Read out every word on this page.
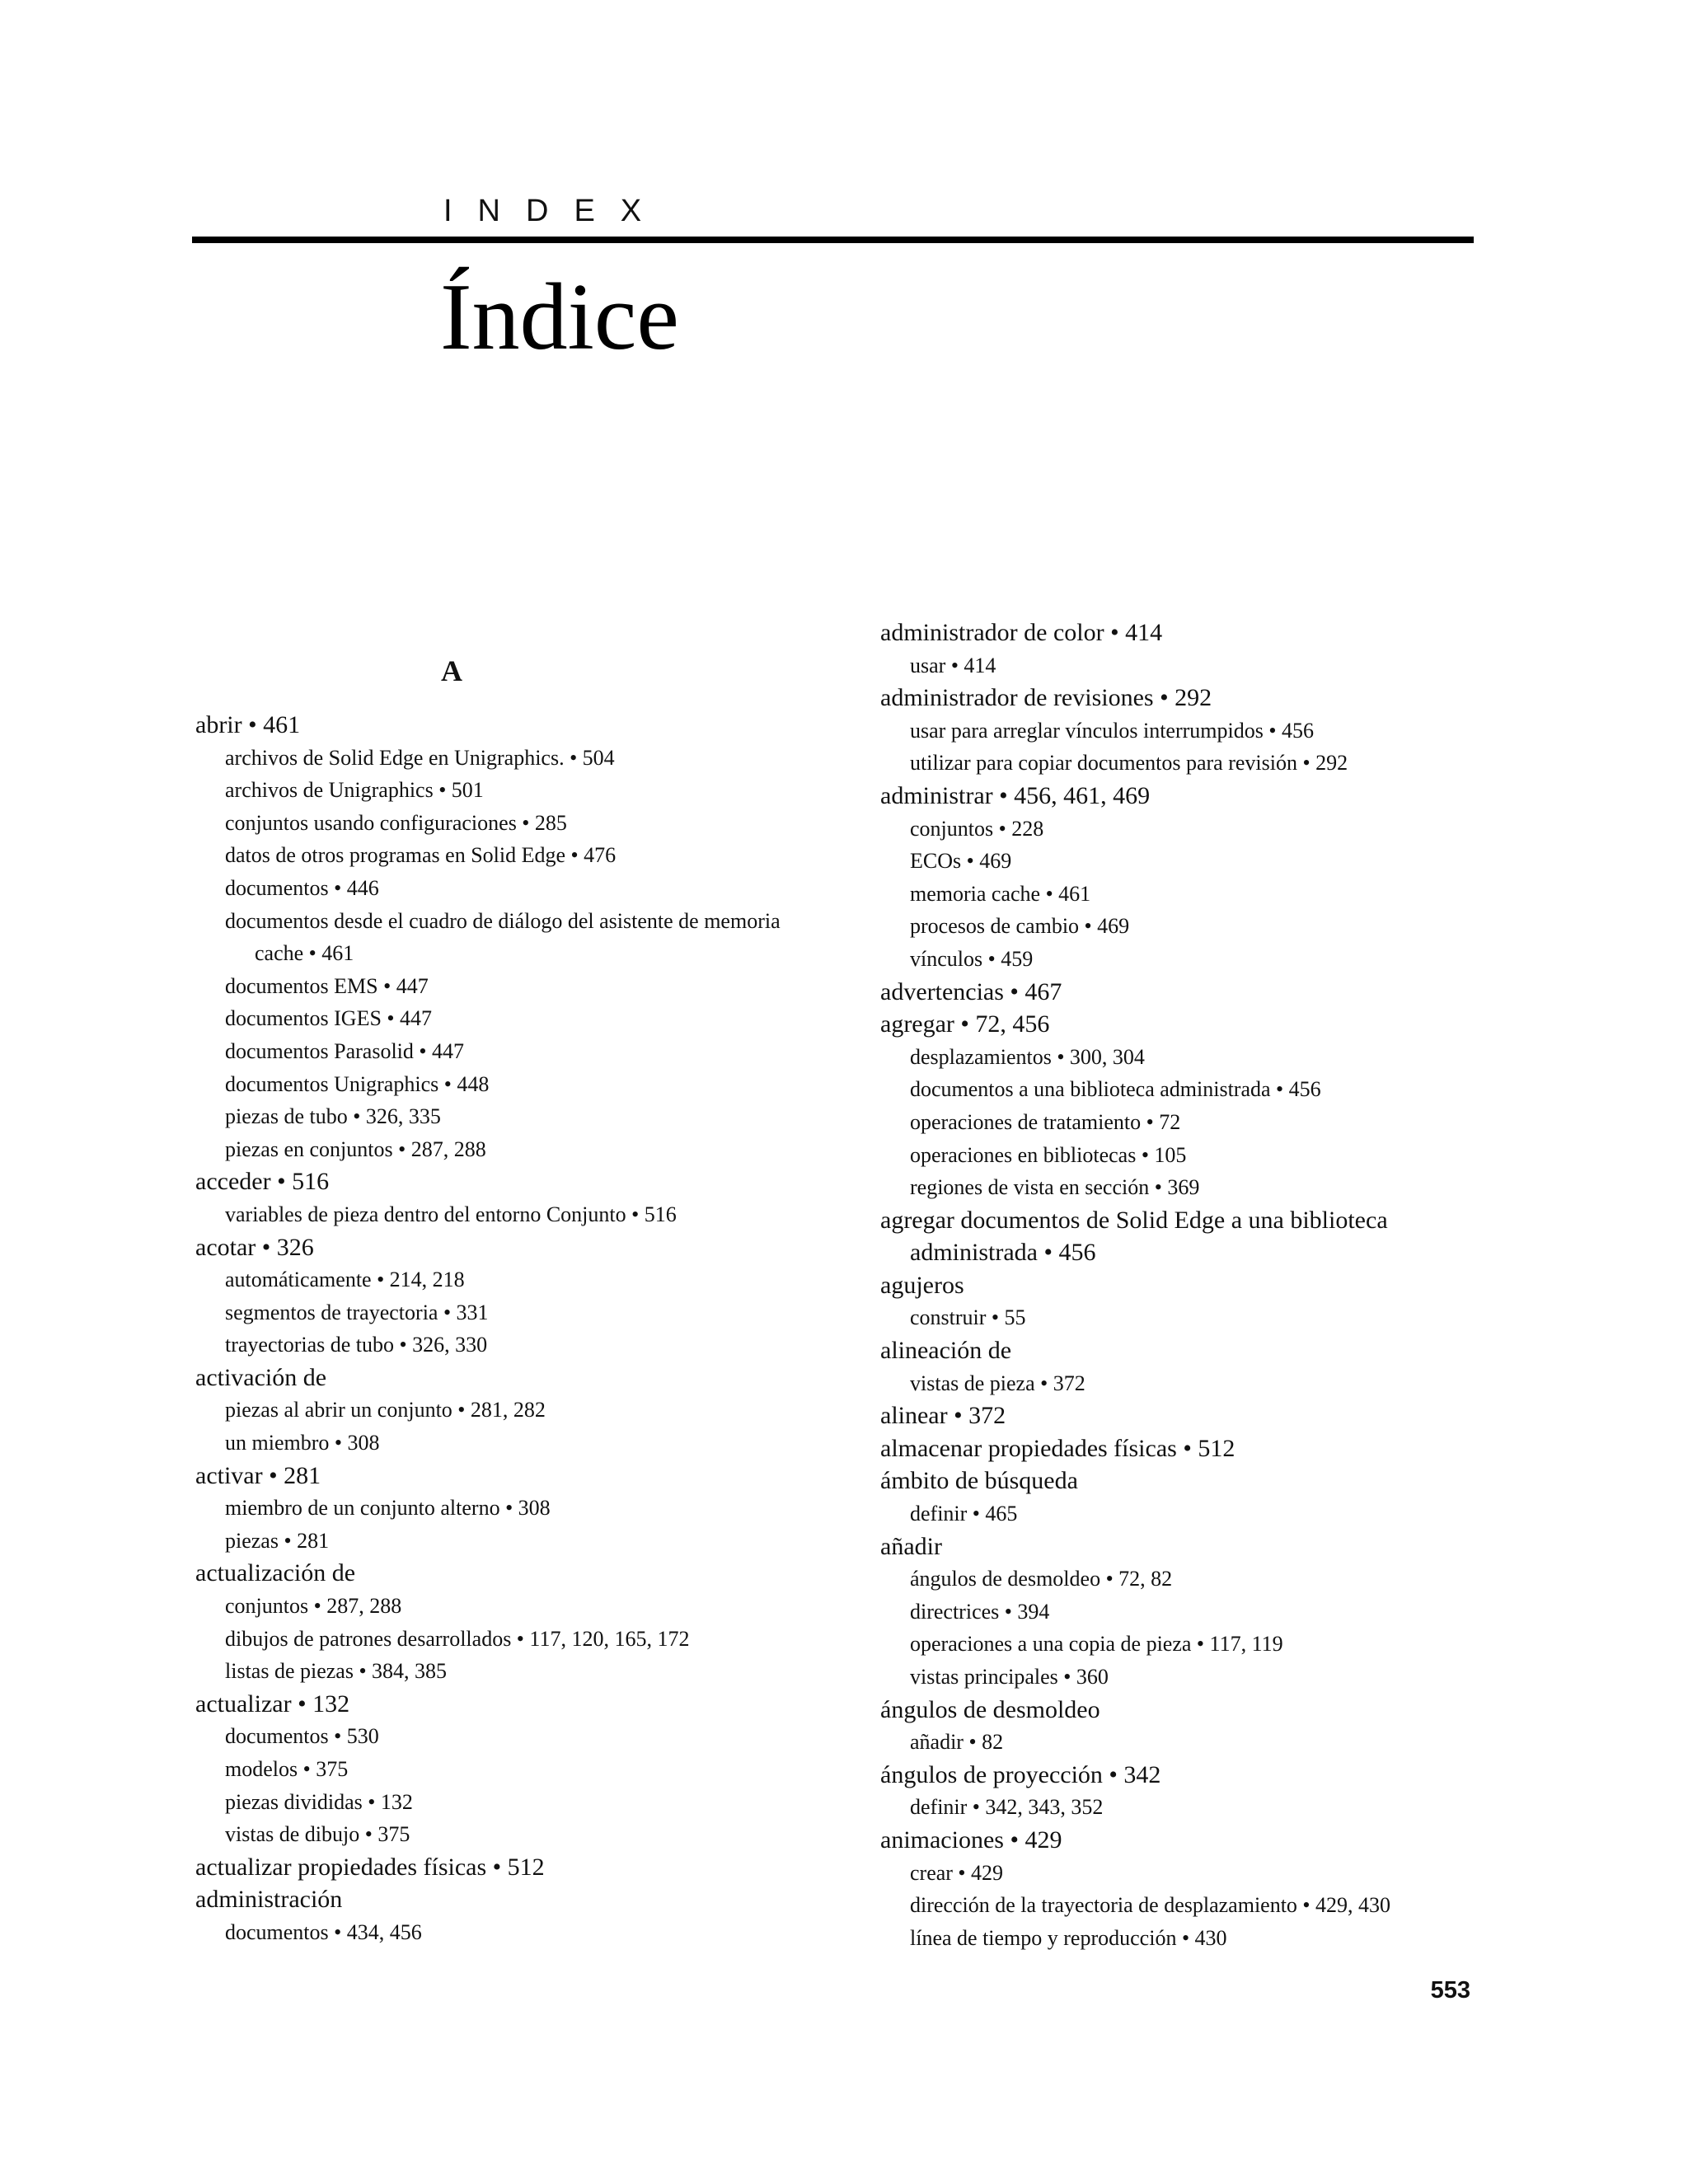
INDEX
Índice
A
abrir • 461
archivos de Solid Edge en Unigraphics. • 504
archivos de Unigraphics • 501
conjuntos usando configuraciones • 285
datos de otros programas en Solid Edge • 476
documentos • 446
documentos desde el cuadro de diálogo del asistente de memoria cache • 461
documentos EMS • 447
documentos IGES • 447
documentos Parasolid • 447
documentos Unigraphics • 448
piezas de tubo • 326, 335
piezas en conjuntos • 287, 288
acceder • 516
variables de pieza dentro del entorno Conjunto • 516
acotar • 326
automáticamente • 214, 218
segmentos de trayectoria • 331
trayectorias de tubo • 326, 330
activación de
piezas al abrir un conjunto • 281, 282
un miembro • 308
activar • 281
miembro de un conjunto alterno • 308
piezas • 281
actualización de
conjuntos • 287, 288
dibujos de patrones desarrollados • 117, 120, 165, 172
listas de piezas • 384, 385
actualizar • 132
documentos • 530
modelos • 375
piezas divididas • 132
vistas de dibujo • 375
actualizar propiedades físicas • 512
administración
documentos • 434, 456
administrador de color • 414
usar • 414
administrador de revisiones • 292
usar para arreglar vínculos interrumpidos • 456
utilizar para copiar documentos para revisión • 292
administrar • 456, 461, 469
conjuntos • 228
ECOs • 469
memoria cache • 461
procesos de cambio • 469
vínculos • 459
advertencias • 467
agregar • 72, 456
desplazamientos • 300, 304
documentos a una biblioteca administrada • 456
operaciones de tratamiento • 72
operaciones en bibliotecas • 105
regiones de vista en sección • 369
agregar documentos de Solid Edge a una biblioteca administrada • 456
agujeros
construir • 55
alineación de
vistas de pieza • 372
alinear • 372
almacenar propiedades físicas • 512
ámbito de búsqueda
definir • 465
añadir
ángulos de desmoldeo • 72, 82
directrices • 394
operaciones a una copia de pieza • 117, 119
vistas principales • 360
ángulos de desmoldeo
añadir • 82
ángulos de proyección • 342
definir • 342, 343, 352
animaciones • 429
crear • 429
dirección de la trayectoria de desplazamiento • 429, 430
línea de tiempo y reproducción • 430
553
